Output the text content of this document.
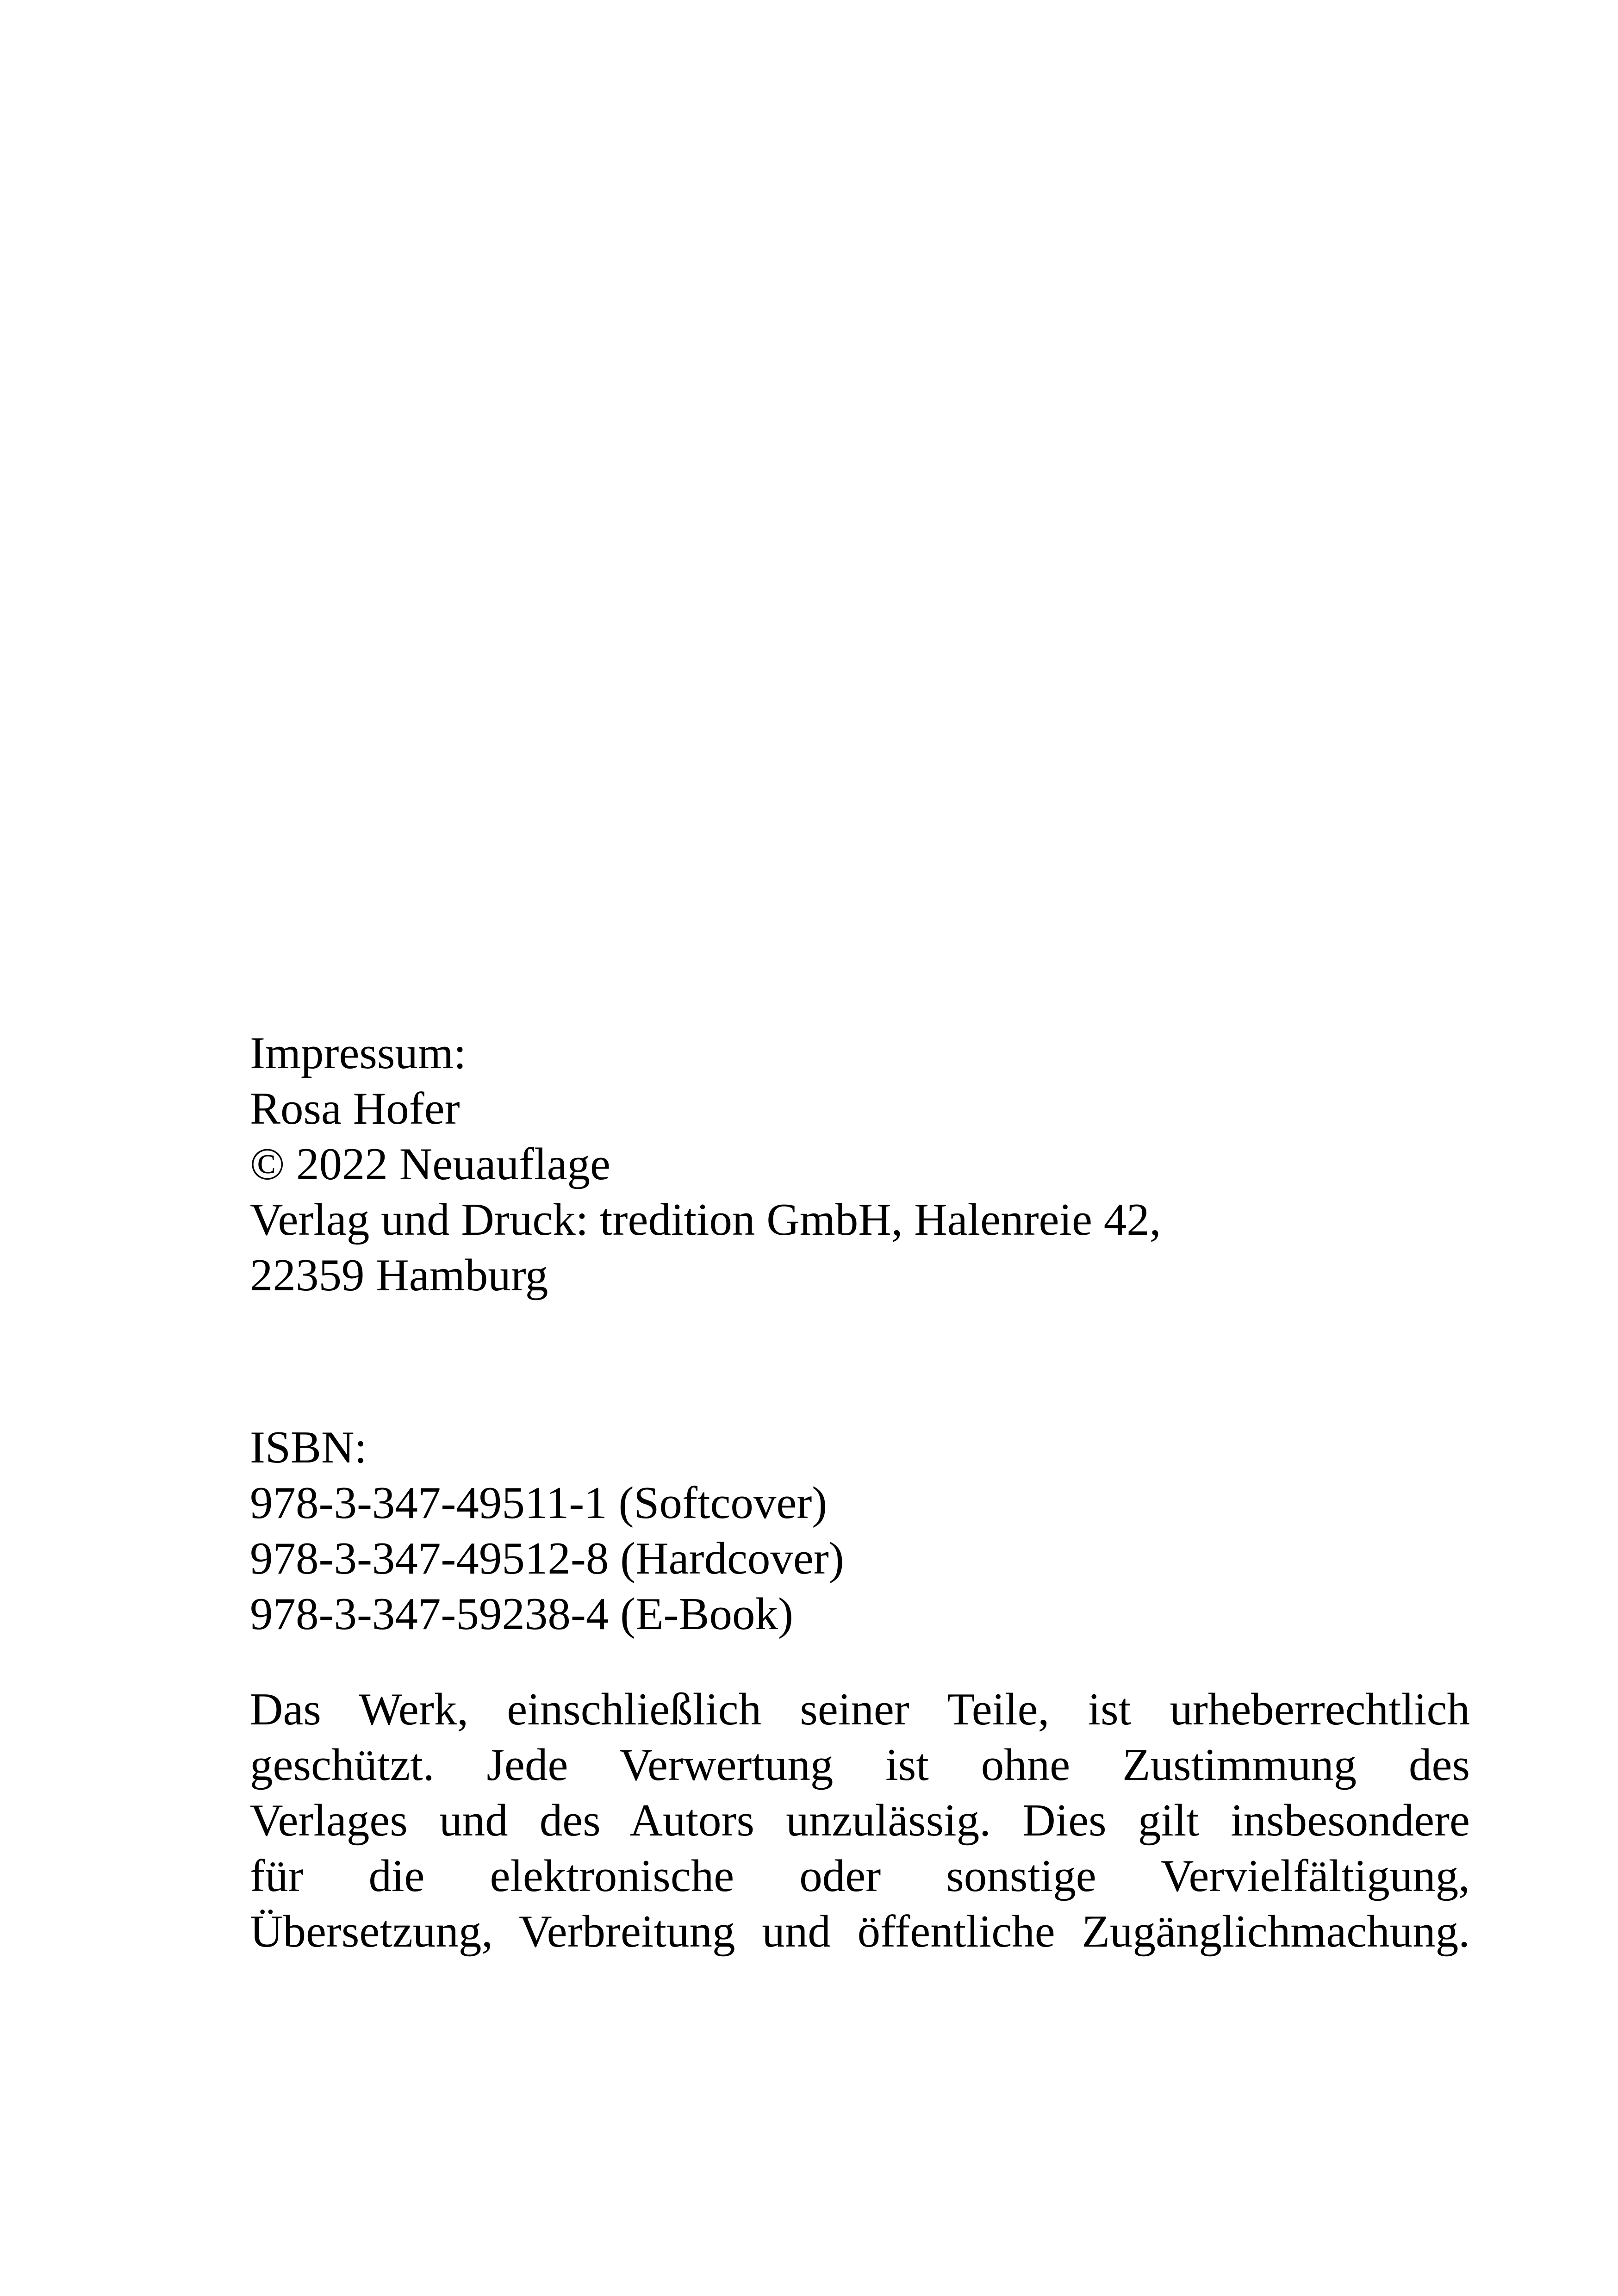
Impressum:
Rosa Hofer
© 2022 Neuauflage
Verlag und Druck: tredition GmbH, Halenreie 42,
22359 Hamburg
ISBN:
978-3-347-49511-1 (Softcover)
978-3-347-49512-8 (Hardcover)
978-3-347-59238-4 (E-Book)
Das Werk, einschließlich seiner Teile, ist urheberrechtlich
geschützt. Jede Verwertung ist ohne Zustimmung des
Verlages und des Autors unzulässig. Dies gilt insbesondere
für die elektronische oder sonstige Vervielfältigung,
Übersetzung, Verbreitung und öffentliche Zugänglichmachung.
